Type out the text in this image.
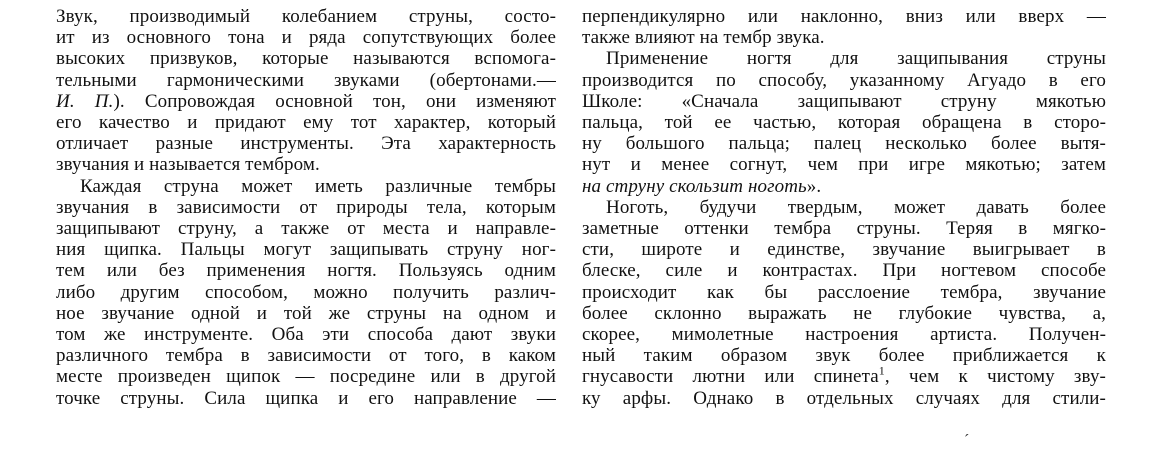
Звук, производимый колебанием струны, состо-
ит из основного тона и ряда сопутствующих более
высоких призвуков, которые называются вспомога-
тельными гармоническими звуками (обертонами.—
И. П.). Сопровождая основной тон, они изменяют
его качество и придают ему тот характер, который
отличает разные инструменты. Эта характерность
звучания и называется тембром.
Каждая струна может иметь различные тембры
звучания в зависимости от природы тела, которым
защипывают струну, а также от места и направле-
ния щипка. Пальцы могут защипывать струну ног-
тем или без применения ногтя. Пользуясь одним
либо другим способом, можно получить различ-
ное звучание одной и той же струны на одном и
том же инструменте. Оба эти способа дают звуки
различного тембра в зависимости от того, в каком
месте произведен щипок — посредине или в другой
точке струны. Сила щипка и его направление —
перпендикулярно или наклонно, вниз или вверх —
также влияют на тембр звука.
Применение ногтя для защипывания струны
производится по способу, указанному Агуадо в его
Школе: «Сначала защипывают струну мякотью
пальца, той ее частью, которая обращена в сторо-
ну большого пальца; палец несколько более вытя-
нут и менее согнут, чем при игре мякотью; затем
на струну скользит ноготь».
Ноготь, будучи твердым, может давать более
заметные оттенки тембра струны. Теряя в мягко-
сти, широте и единстве, звучание выигрывает в
блеске, силе и контрастах. При ногтевом способе
происходит как бы расслоение тембра, звучание
более склонно выражать не глубокие чувства, а,
скорее, мимолетные настроения артиста. Получен-
ный таким образом звук более приближается к
гнусавости лютни или спинета$^1$, чем к чистому зву-
ку арфы. Однако в отдельных случаях для стили-
´
